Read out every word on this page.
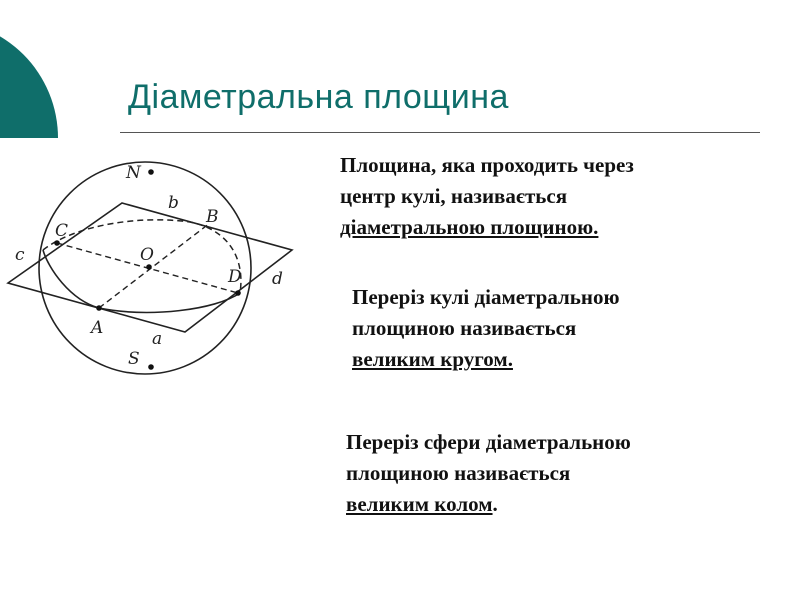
Діаметральна площина
N
S
O
A
B
C
D
a
b
c
d
Площина, яка проходить через
центр кулі, називається
діаметральною площиною.
Переріз кулі діаметральною
площиною називається
великим кругом.
Переріз сфери діаметральною
площиною називається
великим колом.
